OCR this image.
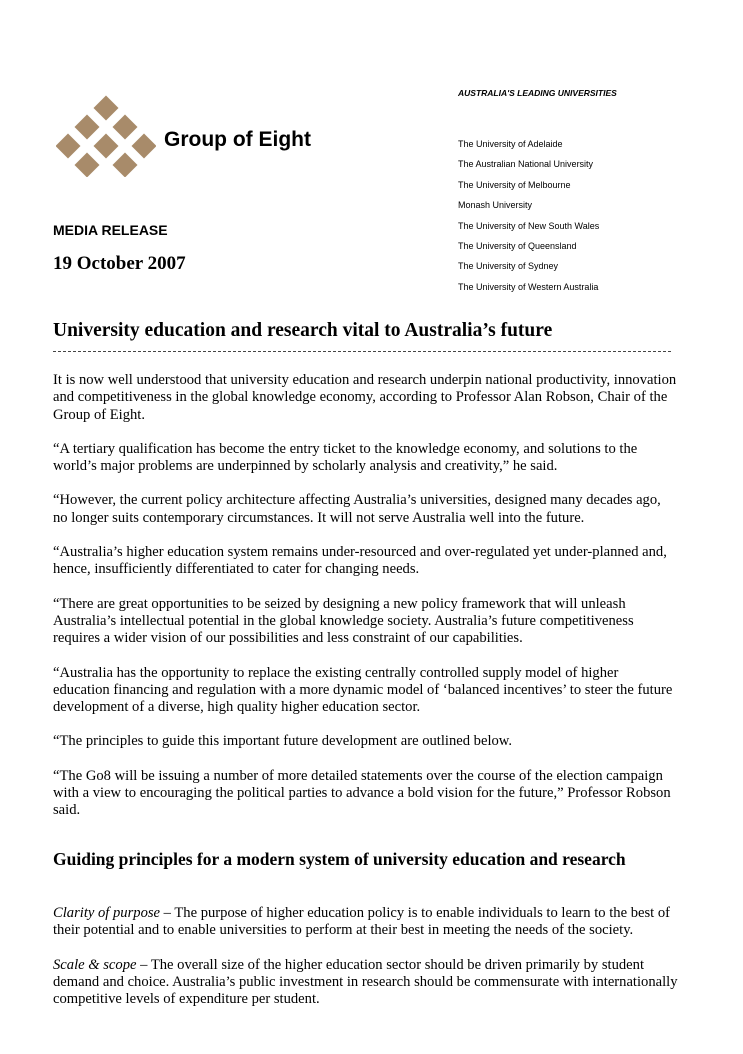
Group of Eight
AUSTRALIA'S LEADING UNIVERSITIES
The University of Adelaide
The Australian National University
The University of Melbourne
Monash University
The University of New South Wales
The University of Queensland
The University of Sydney
The University of Western Australia
MEDIA RELEASE
19 October 2007
University education and research vital to Australia’s future

It is now well understood that university education and research underpin national productivity, innovation and competitiveness in the global knowledge economy, according to Professor Alan Robson, Chair of the Group of Eight.

“A tertiary qualification has become the entry ticket to the knowledge economy, and solutions to the world’s major problems are underpinned by scholarly analysis and creativity,” he said.

“However, the current policy architecture affecting Australia’s universities, designed many decades ago, no longer suits contemporary circumstances. It will not serve Australia well into the future.

“Australia’s higher education system remains under-resourced and over-regulated yet under-planned and, hence, insufficiently differentiated to cater for changing needs.

“There are great opportunities to be seized by designing a new policy framework that will unleash Australia’s intellectual potential in the global knowledge society. Australia’s future competitiveness requires a wider vision of our possibilities and less constraint of our capabilities.

“Australia has the opportunity to replace the existing centrally controlled supply model of higher education financing and regulation with a more dynamic model of ‘balanced incentives’ to steer the future development of a diverse, high quality higher education sector.

“The principles to guide this important future development are outlined below.

“The Go8 will be issuing a number of more detailed statements over the course of the election campaign with a view to encouraging the political parties to advance a bold vision for the future,” Professor Robson said.

Guiding principles for a modern system of university education and research

Clarity of purpose – The purpose of higher education policy is to enable individuals to learn to the best of their potential and to enable universities to perform at their best in meeting the needs of the society.

Scale & scope – The overall size of the higher education sector should be driven primarily by student demand and choice. Australia’s public investment in research should be commensurate with internationally competitive levels of expenditure per student.
